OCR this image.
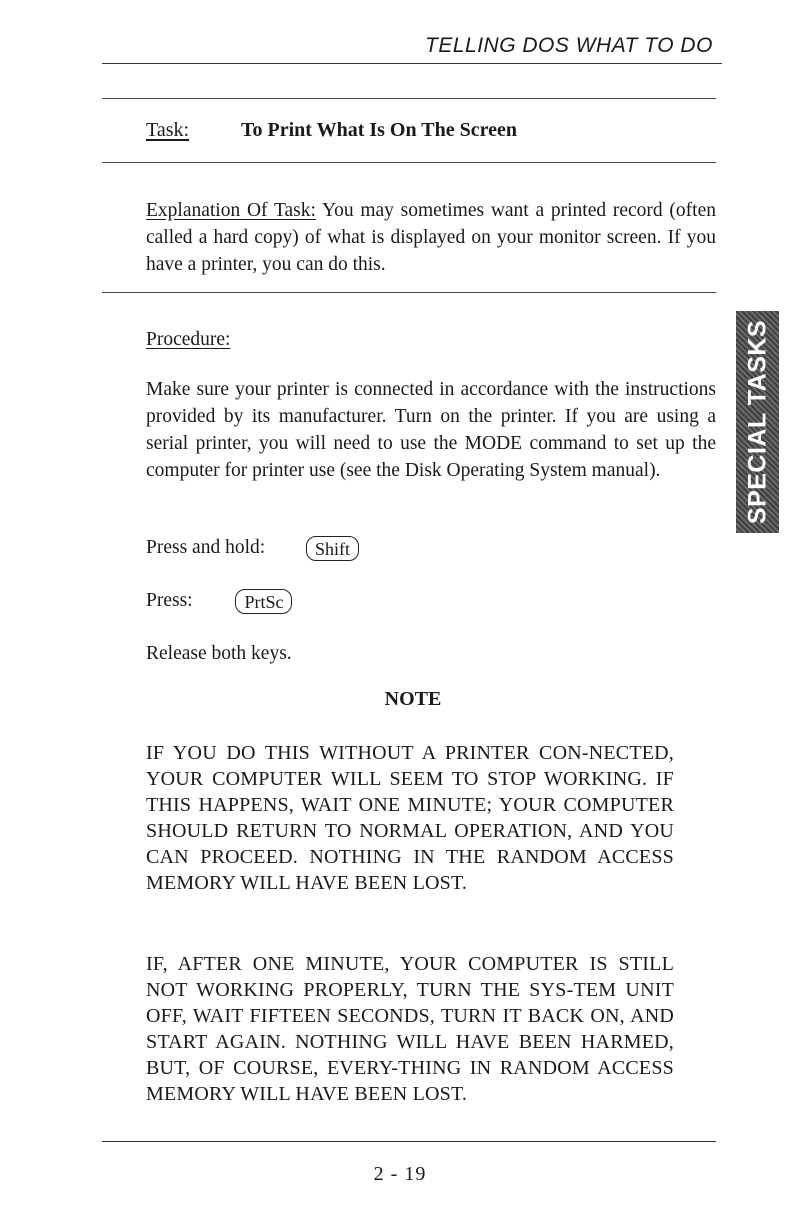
TELLING DOS WHAT TO DO
Task:	To Print What Is On The Screen

Explanation Of Task: You may sometimes want a printed record (often called a hard copy) of what is displayed on your monitor screen. If you have a printer, you can do this.

Procedure:

Make sure your printer is connected in accordance with the instructions provided by its manufacturer. Turn on the printer. If you are using a serial printer, you will need to use the MODE command to set up the computer for printer use (see the Disk Operating System manual).

Press and hold:	Shift
Press:	PrtSc
Release both keys.
NOTE

IF YOU DO THIS WITHOUT A PRINTER CON-NECTED, YOUR COMPUTER WILL SEEM TO STOP WORKING. IF THIS HAPPENS, WAIT ONE MINUTE; YOUR COMPUTER SHOULD RETURN TO NORMAL OPERATION, AND YOU CAN PROCEED. NOTHING IN THE RANDOM ACCESS MEMORY WILL HAVE BEEN LOST.

IF, AFTER ONE MINUTE, YOUR COMPUTER IS STILL NOT WORKING PROPERLY, TURN THE SYS-TEM UNIT OFF, WAIT FIFTEEN SECONDS, TURN IT BACK ON, AND START AGAIN. NOTHING WILL HAVE BEEN HARMED, BUT, OF COURSE, EVERY-THING IN RANDOM ACCESS MEMORY WILL HAVE BEEN LOST.

SPECIAL TASKS
2 - 19
